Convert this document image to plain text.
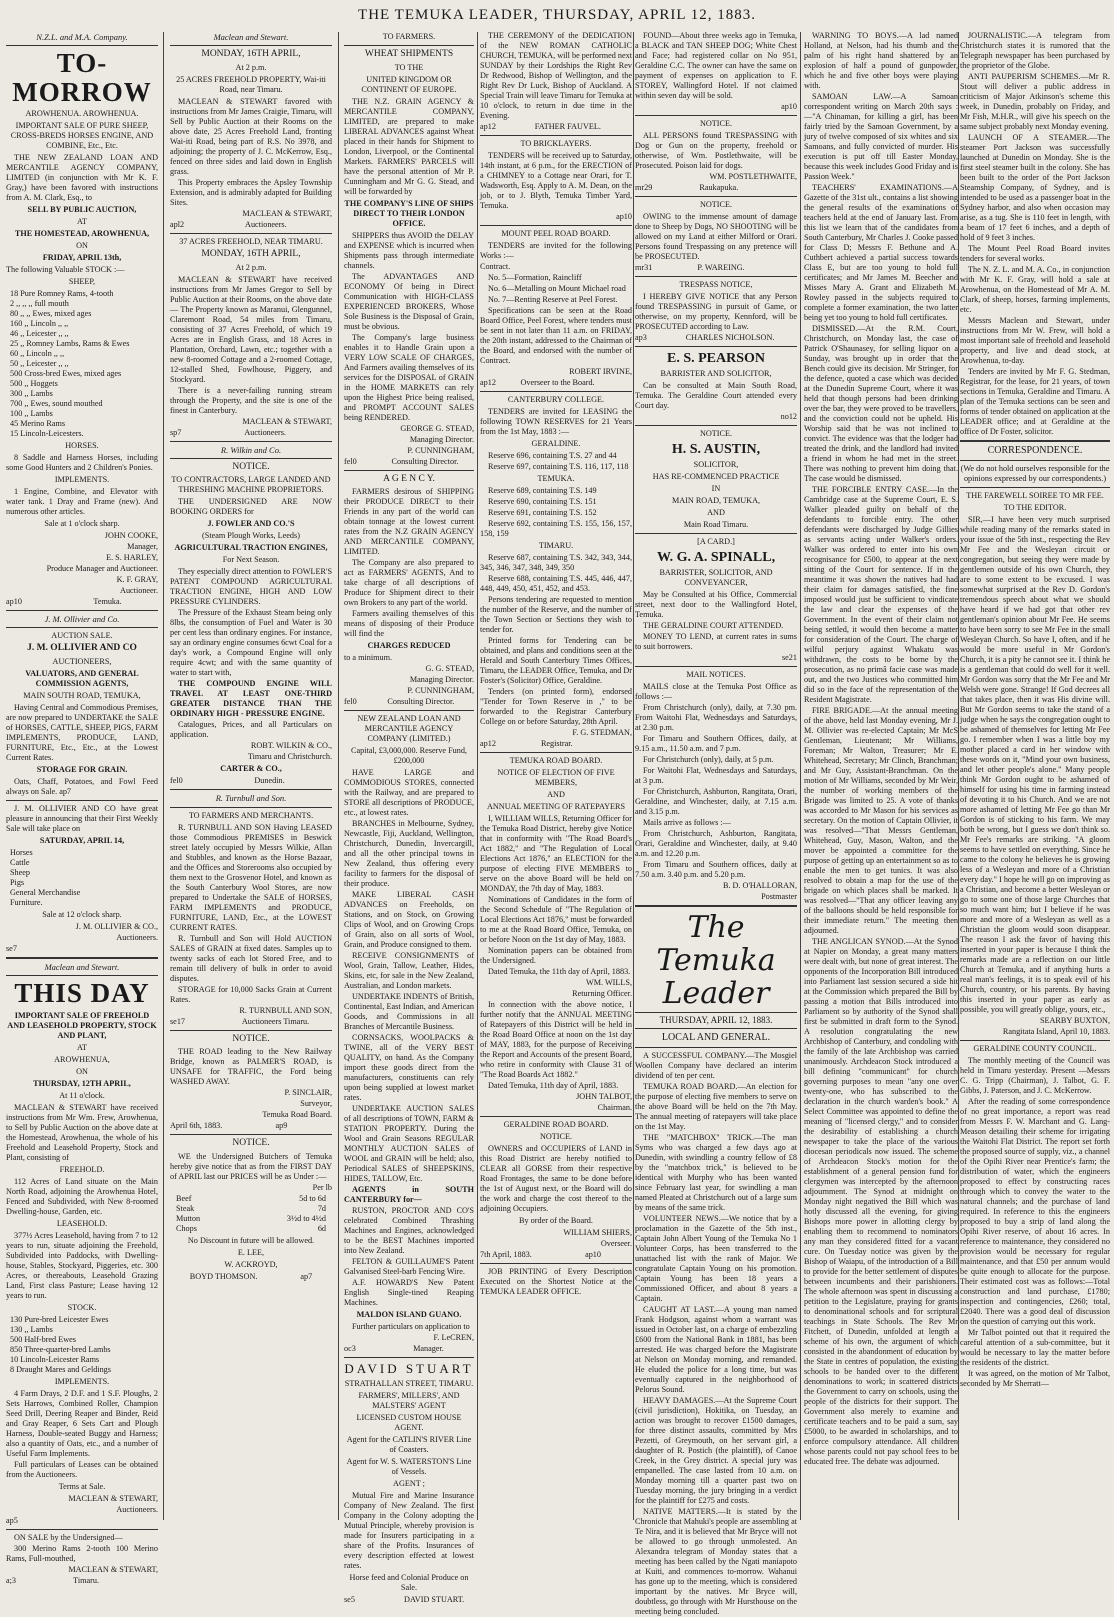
THE TEMUKA LEADER, THURSDAY, APRIL 12, 1883.
N.Z.L. and M.A. Company.
TO-MORROW
AROWHENUA. AROWHENUA.
IMPORTANT SALE OF PURE SHEEP, CROSS-BREDS HORSES ENGINE, AND COMBINE, Etc., Etc.
THE NEW ZEALAND LOAN AND MERCANTILE AGENCY COMPANY, LIMITED (in conjunction with Mr K. F. Gray,) have been favored with instructions from A. M. Clark, Esq., to
SELL BY PUBLIC AUCTION,
AT
THE HOMESTEAD, AROWHENUA,
ON
FRIDAY, APRIL 13th,
The following Valuable STOCK :—
SHEEP,
18 Pure Romney Rams, 4-tooth
2 ,, ,, ,, full mouth
80 ,, ,, Ewes, mixed ages
160 ,, Lincoln ,, ,,
46 ,, Leicester ,, ,,
25 ,, Romney Lambs, Rams & Ewes
60 ,, Lincoln ,, ,,
50 ,, Leicester ,, ,,
500 Cross-bred Ewes, mixed ages
500 ,, Hoggets
300 ,, Lambs
700 ,, Ewes, sound mouthed
100 ,, Lambs
45 Merino Rams
15 Lincoln-Leicesters.
HORSES.
8 Saddle and Harness Horses, including some Good Hunters and 2 Children's Ponies.
IMPLEMENTS.
1 Engine, Combine, and Elevator with water tank. 1 Dray and Frame (new). And numerous other articles.
Sale at 1 o'clock sharp.
JOHN COOKE,
Manager,
E. S. HARLEY,
Produce Manager and Auctioneer.
K. F. GRAY,
Auctioneer.
ap10                                   Temuka.
J. M. Ollivier and Co.
AUCTION SALE.
J. M. OLLIVIER AND CO
AUCTIONEERS,
VALUATORS, AND GENERAL COMMISSION AGENTS,
MAIN SOUTH ROAD, TEMUKA,
Having Central and Commodious Premises, are now prepared to UNDERTAKE the SALE of HORSES, CATTLE, SHEEP, PIGS, FARM IMPLEMENTS, PRODUCE, LAND, FURNITURE, Etc., Etc., at the Lowest Current Rates.
STORAGE FOR GRAIN.
Oats, Chaff, Potatoes, and Fowl Feed always on Sale. ap7
J. M. OLLIVIER AND CO have great pleasure in announcing that their First Weekly Sale will take place on
SATURDAY, APRIL 14,
Horses
Cattle
Sheep
Pigs
General Merchandise
Furniture.
Sale at 12 o'clock sharp.
J. M. OLLIVIER & CO.,
Auctioneers.
se7
Maclean and Stewart.
THIS DAY
IMPORTANT SALE OF FREEHOLD AND LEASEHOLD PROPERTY, STOCK AND PLANT,
AT
AROWHENUA,
ON
THURSDAY, 12TH APRIL,
At 11 o'clock.
MACLEAN & STEWART have received instructions from Mr Wm. Frew, Arowhenua, to Sell by Public Auction on the above date at the Homestead, Arowhenua, the whole of his Freehold and Leasehold Property, Stock and Plant, consisting of
FREEHOLD.
112 Acres of Land situate on the Main North Road, adjoining the Arowhenua Hotel, Fenced and Subdivided, with New 8-roomed Dwelling-house, Garden, etc.
LEASEHOLD.
377½ Acres Leasehold, having from 7 to 12 years to run, situate adjoining the Freehold, Subdivided into Paddocks, with Dwelling-house, Stables, Stockyard, Piggeries, etc. 300 Acres, or thereabouts, Leasehold Grazing Land, First class Pasture; Lease having 12 years to run.
STOCK.
130 Pure-bred Leicester Ewes
130 ,, Lambs
500 Half-bred Ewes
850 Three-quarter-bred Lambs
10 Lincoln-Leicester Rams
8 Draught Mares and Geldings
IMPLEMENTS.
4 Farm Drays, 2 D.F. and 1 S.F. Ploughs, 2 Sets Harrows, Combined Roller, Champion Seed Drill, Deering Reaper and Binder, Reid and Gray Reaper, 6 Sets Cart and Plough Harness, Double-seated Buggy and Harness; also a quantity of Oats, etc., and a number of Useful Farm Implements.
Full particulars of Leases can be obtained from the Auctioneers.
Terms at Sale.
MACLEAN & STEWART,
Auctioneers.
ap5
ON SALE by the Undersigned—
300 Merino Rams 2-tooth 100 Merino Rams, Full-mouthed,
MACLEAN & STEWART,
a;3                            Timaru.
Maclean and Stewart.
MONDAY, 16TH APRIL,
At 2 p.m.
25 ACRES FREEHOLD PROPERTY, Wai-iti Road, near Timaru.
MACLEAN & STEWART favored with instructions from Mr James Craigie, Timaru, will Sell by Public Auction at their Rooms on the above date, 25 Acres Freehold Land, fronting Wai-iti Road, being part of R.S. No 3978, and adjoining; the property of J. C. McKerrow, Esq., fenced on three sides and laid down in English grass.
This Property embraces the Apsley Township Extension, and is admirably adapted for Building Sites.
MACLEAN & STEWART,
apl2                              Auctioneers.
37 ACRES FREEHOLD, NEAR TIMARU.
MONDAY, 16TH APRIL,
At 2 p.m.
MACLEAN & STEWART have received instructions from Mr James Gregor to Sell by Public Auction at their Rooms, on the above date— The Property known as Maranui, Glengunnel, Claremont Road, 54 miles from Timaru, consisting of 37 Acres Freehold, of which 19 Acres are in English Grass, and 18 Acres in Plantation, Orchard, Lawn, etc.; together with a new 8-roomed Cottage and a 2-roomed Cottage, 12-stalled Shed, Fowlhouse, Piggery, and Stockyard.
There is a never-failing running stream through the Property, and the site is one of the finest in Canterbury.
MACLEAN & STEWART,
sp7                               Auctioneers.
R. Wilkin and Co.
NOTICE.
TO CONTRACTORS, LARGE LANDED AND THRESHING MACHINE PROPRIETORS.
THE UNDERSIGNED ARE NOW BOOKING ORDERS for
J. FOWLER AND CO.'S
(Steam Plough Works, Leeds)
AGRICULTURAL TRACTION ENGINES,
For Next Season.
They especially direct attention to FOWLER'S PATENT COMPOUND AGRICULTURAL TRACTION ENGINE, HIGH AND LOW PRESSURE CYLINDERS.
The Pressure of the Exhaust Steam being only 8lbs, the consumption of Fuel and Water is 30 per cent less than ordinary engines. For instance, say an ordinary engine consumes 6cwt Coal for a day's work, a Compound Engine will only require 4cwt; and with the same quantity of water to start with,
THE COMPOUND ENGINE WILL TRAVEL AT LEAST ONE-THIRD GREATER DISTANCE THAN THE ORDINARY HIGH - PRESSURE ENGINE.
Catalogues, Prices, and all Particulars on application.
ROBT. WILKIN & CO.,
Timaru and Christchurch.
CARTER & CO.,
fel0                                   Dunedin.
R. Turnbull and Son.
TO FARMERS AND MERCHANTS.
R. TURNBULL AND SON Having LEASED those Commodious PREMISES in Beswick street lately occupied by Messrs Wilkie, Allan and Stubbles, and known as the Horse Bazaar, and the Offices and Storerooms also occupied by them next to the Grosvenor Hotel, and known as the South Canterbury Wool Stores, are now prepared to Undertake the SALE of HORSES, FARM IMPLEMENTS and PRODUCE, FURNITURE, LAND, Etc., at the LOWEST CURRENT RATES.
R. Turnbull and Son will Hold AUCTION SALES of GRAIN at fixed dates. Samples up to twenty sacks of each lot Stored Free, and to remain till delivery of bulk in order to avoid disputes.
STORAGE for 10,000 Sacks Grain at Current Rates.
R. TURNBULL AND SON,
se17                            Auctioneers Timaru.
NOTICE.
THE ROAD leading to the New Railway Bridge, known as PALMER'S ROAD, is UNSAFE for TRAFFIC, the Ford being WASHED AWAY.
P. SINCLAIR,
Surveyor,
Temuka Road Board.
April 6th, 1883.                          ap9
NOTICE.
WE the Undersigned Butchers of Temuka hereby give notice that as from the FIRST DAY of APRIL last our PRICES will be as Under :—
Per lb
Beef	5d to 6d
Steak	7d
Mutton	3½d to 4½d
Chops	6d
No Discount in future will be allowed.
E. LEE,
W. ACKROYD,
BOYD THOMSON.                     ap7
TO FARMERS.
WHEAT SHIPMENTS
TO THE
UNITED KINGDOM OR CONTINENT OF EUROPE.
THE N.Z. GRAIN AGENCY & MERCANTILE COMPANY, LIMITED, are prepared to make LIBERAL ADVANCES against Wheat placed in their hands for Shipment to London, Liverpool, or the Continental Markets. FARMERS' PARCELS will have the personal attention of Mr P. Cunningham and Mr G. G. Stead, and will be forwarded by
THE COMPANY'S LINE OF SHIPS DIRECT TO THEIR LONDON OFFICE.
SHIPPERS thus AVOID the DELAY and EXPENSE which is incurred when Shipments pass through intermediate channels.
The ADVANTAGES AND ECONOMY Of being in Direct Communication with HIGH-CLASS EXPERIENCED BROKERS, Whose Sole Business is the Disposal of Grain, must be obvious.
The Company's large business enables it to Handle Grain upon a VERY LOW SCALE OF CHARGES, And Farmers availing themselves of its services for the DISPOSAL of GRAIN in the HOME MARKETS can rely upon the Highest Price being realised, and PROMPT ACCOUNT SALES being RENDERED.
GEORGE G. STEAD,
Managing Director.
P. CUNNINGHAM,
fel0                 Consulting Director.
A G E N C Y.
FARMERS desirous of SHIPPING their PRODUCE DIRECT to their Friends in any part of the world can obtain tonnage at the lowest current rates from the N.Z GRAIN AGENCY AND MERCANTILE COMPANY, LIMITED.
The Company are also prepared to act as FARMERS' AGENTS, And to take charge of all descriptions of Produce for Shipment direct to their own Brokers to any part of the world.
Farmers availing themselves of this means of disposing of their Produce will find the
CHARGES REDUCED
to a minimum.
G. G. STEAD,
Managing Director.
P. CUNNINGHAM,
fel0               Consulting Director.
NEW ZEALAND LOAN AND MERCANTILE AGENCY COMPANY (LIMITED.)
Capital, £3,000,000. Reserve Fund, £200,000
HAVE LARGE and COMMODIOUS STORES, connected with the Railway, and are prepared to STORE all descriptions of PRODUCE, etc., at lowest rates.
BRANCHES in Melbourne, Sydney, Newcastle, Fiji, Auckland, Wellington, Christchurch, Dunedin, Invercargill, and all the other principal towns in New Zealand, thus offering every facility to farmers for the disposal of their produce.
MAKE LIBERAL CASH ADVANCES on Freeholds, on Stations, and on Stock, on Growing Clips of Wool, and on Growing Crops of Grain, also on all sorts of Wool, Grain, and Produce consigned to them.
RECEIVE CONSIGNMENTS of Wool, Grain, Tallow, Leather, Hides, Skins, etc, for sale in the New Zealand, Australian, and London markets.
UNDERTAKE INDENTS of British, Continental, East Indian, and American Goods, and Commissions in all Branches of Mercantile Business.
CORNSACKS, WOOLPACKS & TWINE, all of the VERY BEST QUALITY, on hand. As the Company import these goods direct from the manufacturers, constituents can rely upon being supplied at lowest market rates.
UNDERTAKE AUCTION SALES of all descriptions of TOWN, FARM & STATION PROPERTY. During the Wool and Grain Seasons REGULAR MONTHLY AUCTION SALES of WOOL and GRAIN will be held; also, Periodical SALES of SHEEPSKINS, HIDES, TALLOW, Etc.
AGENTS in SOUTH CANTERBURY for—
RUSTON, PROCTOR AND CO'S celebrated Combined Thrashing Machines and Engines, acknowledged to be the BEST Machines imported into New Zealand.
FELTON & GUILLAUME'S Patent Galvanised Steel-barb Fencing Wire.
A.F. HOWARD'S New Patent English Single-tined Reaping Machines.
MALDON ISLAND GUANO.
Further particulars on application to
F. LeCREN,
oc3                            Manager.
DAVID STUART
STRATHALLAN STREET, TIMARU.
FARMERS', MILLERS', AND MALSTERS' AGENT
LICENSED CUSTOM HOUSE AGENT.
Agent for the CATLIN'S RIVER Line of Coasters.
Agent for W. S. WATERSTON'S Line of Vessels.
AGENT ;
Mutual Fire and Marine Insurance Company of New Zealand. The first Company in the Colony adopting the Mutual Principle, whereby provision is made for Insurers participating in a share of the Profits. Insurances of every description effected at lowest rates.
Horse feed and Colonial Produce on Sale.
se5                        DAVID STUART.
THE CEREMONY of the DEDICATION of the NEW ROMAN CATHOLIC CHURCH, TEMUKA, will be performed next SUNDAY by their Lordships the Right Rev Dr Redwood, Bishop of Wellington, and the Right Rev Dr Luck, Bishop of Auckland. A Special Train will leave Timaru for Temuka at 10 o'clock, to return in due time in the Evening.
ap12                   FATHER FAUVEL.
TO BRICKLAYERS.
TENDERS will be received up to Saturday, 14th instant, at 6 p.m., for the ERECTION of a CHIMNEY to a Cottage near Orari, for T. Wadsworth, Esq. Apply to A. M. Dean, on the job, or to J. Blyth, Temuka Timber Yard, Temuka.
ap10
MOUNT PEEL ROAD BOARD.
TENDERS are invited for the following Works :—
Contract.
No. 5—Formation, Raincliff
No. 6—Metalling on Mount Michael road
No. 7—Renting Reserve at Peel Forest.
Specifications can be seen at the Road Board Office, Peel Forest, where tenders must be sent in not later than 11 a.m. on FRIDAY, the 20th instant, addressed to the Chairman of the Board, and endorsed with the number of Contract.
ROBERT IRVINE,
ap12            Overseer to the Board.
CANTERBURY COLLEGE.
TENDERS are invited for LEASING the following TOWN RESERVES for 21 Years from the 1st May, 1883 :—
GERALDINE.
Reserve 696, containing T.S. 27 and 44
Reserve 697, containing T.S. 116, 117, 118
TEMUKA.
Reserve 689, containing T.S. 149
Reserve 690, containing T.S. 151
Reserve 691, containing T.S. 152
Reserve 692, containing T.S. 155, 156, 157, 158, 159
TIMARU.
Reserve 687, containing T.S. 342, 343, 344, 345, 346, 347, 348, 349, 350
Reserve 688, containing T.S. 445, 446, 447, 448, 449, 450, 451, 452, and 453.
Persons tendering are requested to mention the number of the Reserve, and the number of the Town Section or Sections they wish to tender for.
Printed forms for Tendering can be obtained, and plans and conditions seen at the Herald and South Canterbury Times Offices, Timaru, the LEADER Office, Temuka, and Dr Foster's (Solicitor) Office, Geraldine.
Tenders (on printed form), endorsed "Tender for Town Reserve in ," to be forwarded to the Registrar Canterbury College on or before Saturday, 28th April.
F. G. STEDMAN,
ap12                      Registrar.
TEMUKA ROAD BOARD.
NOTICE OF ELECTION OF FIVE MEMBERS,
AND
ANNUAL MEETING OF RATEPAYERS
I, WILLIAM WILLS, Returning Officer for the Temuka Road District, hereby give Notice that in conformity with "The Road Board's Act 1882," and "The Regulation of Local Elections Act 1876," an ELECTION for the purpose of electing FIVE MEMBERS to serve on the above Board will be held on MONDAY, the 7th day of May, 1883.
Nominations of Candidates in the form of the Second Schedule of "The Regulation of Local Elections Act 1876," must be forwarded to me at the Road Board Office, Temuka, on or before Noon on the 1st day of May, 1883.
Nomination papers can be obtained from the Undersigned.
Dated Temuka, the 11th day of April, 1883.
WM. WILLS,
Returning Officer.
In connection with the above notice, I further notify that the ANNUAL MEETING of Ratepayers of this District will be held in the Road Board Office at noon on the 1st day of MAY, 1883, for the purpose of Receiving the Report and Accounts of the present Board, who retire in conformity with Clause 31 of "The Road Boards Act 1882."
Dated Temuka, 11th day of April, 1883.
JOHN TALBOT,
Chairman.
GERALDINE ROAD BOARD.
NOTICE.
OWNERS and OCCUPIERS of LAND in this Road District are hereby notified to CLEAR all GORSE from their respective Road Frontages, the same to be done before the 1st of August next, or the Board will do the work and charge the cost thereof to the adjoining Occupiers.
By order of the Board.
WILLIAM SHIERS,
Overseer.
7th April, 1883.                          ap10
JOB PRINTING of Every Description Executed on the Shortest Notice at the TEMUKA LEADER OFFICE.
FOUND—About three weeks ago in Temuka, a BLACK and TAN SHEEP DOG; White Chest and Face; had registered collar on No 951, Geraldine C.C. The owner can have the same on payment of expenses on application to F. STOREY, Wallingford Hotel. If not claimed within seven day will be sold.
ap10
NOTICE.
ALL PERSONS found TRESPASSING with Dog or Gun on the property, freehold or otherwise, of Wm. Postlethwaite, will be Prosecuted. Poison laid for dogs.
WM. POSTLETHWAITE,
mr29                       Raukapuka.
NOTICE.
OWING to the immense amount of damage done to Sheep by Dogs, NO SHOOTING will be allowed on my Land at either Milford or Orari. Persons found Trespassing on any pretence will be PROSECUTED.
mr31                      P. WAREING.
TRESPASS NOTICE,
I HEREBY GIVE NOTICE that any Person found TRESPASSING in pursuit of Game, or otherwise, on my property, Kennford, will be PROSECUTED according to Law.
ap3                   CHARLES NICHOLSON.
E. S. PEARSON
BARRISTER AND SOLICITOR,
Can be consulted at Main South Road, Temuka. The Geraldine Court attended every Court day.
no12
NOTICE.
H. S. AUSTIN,
SOLICITOR,
HAS RE-COMMENCED PRACTICE
IN
MAIN ROAD, TEMUKA,
AND
Main Road Timaru.
[A CARD.]
W. G. A. SPINALL,
BARRISTER, SOLICITOR, AND CONVEYANCER,
May be Consulted at his Office, Commercial street, next door to the Wallingford Hotel, Temuka.
THE GERALDINE COURT ATTENDED.
MONEY TO LEND, at current rates in sums to suit borrowers.
se21
MAIL NOTICES.
MAILS close at the Temuka Post Office as follows :—
From Christchurch (only), daily, at 7.30 pm. From Waitohi Flat, Wednesdays and Saturdays, at 2.30 p.m.
For Timaru and Southern Offices, daily, at 9.15 a.m., 11.50 a.m. and 7 p.m.
For Christchurch (only), daily, at 5 p.m.
For Waitohi Flat, Wednesdays and Saturdays, at 3 p.m.
For Christchurch, Ashburton, Rangitata, Orari, Geraldine, and Winchester, daily, at 7.15 a.m. and 3.15 p.m.
Mails arrive as follows :—
From Christchurch, Ashburton, Rangitata, Orari, Geraldine and Winchester, daily, at 9.40 a.m. and 12.20 p.m.
From Timaru and Southern offices, daily at 7.50 a.m. 3.40 p.m. and 5.20 p.m.
B. D. O'HALLORAN,
Postmaster
The Temuka Leader
THURSDAY, APRIL 12, 1883.
LOCAL AND GENERAL.
A SUCCESSFUL COMPANY.—The Mosgiel Woollen Company have declared an interim dividend of ten per cent.
TEMUKA ROAD BOARD.—An election for the purpose of electing five members to serve on the above Board will be held on the 7th May. The annual meeting of ratepayers will take place on the 1st May.
THE "MATCHBOX" TRICK.—The man Syms who was charged a few days ago at Dunedin, with swindling a country fellow of £8 by the "matchbox trick," is believed to be identical with Murphy who has been wanted since February last year, for swindling a man named Pleated at Christchurch out of a large sum by means of the same trick.
VOLUNTEER NEWS.—We notice that by a proclamation in the Gazette of the 5th inst., Captain John Albert Young of the Temuka No 1 Volunteer Corps, has been transferred to the unattached list with the rank of Major. We congratulate Captain Young on his promotion. Captain Young has been 18 years a Commissioned Officer, and about 8 years a Captain.
CAUGHT AT LAST.—A young man named Frank Hodgson, against whom a warrant was issued in October last, on a charge of embezzling £600 from the National Bank in 1881, has been arrested. He was charged before the Magistrate at Nelson on Monday morning, and remanded. He eluded the police for a long time, but was eventually captured in the neighborhood of Pelorus Sound.
HEAVY DAMAGES.—At the Supreme Court (civil jurisdiction), Hokitika, on Tuesday, an action was brought to recover £1500 damages, for three distinct assaults, committed by Mrs Pezetti, of Greymouth, on her servant girl, a daughter of R. Postich (the plaintiff), of Canoe Creek, in the Grey district. A special jury was empanelled. The case lasted from 10 a.m. on Monday morning till a quarter past two on Tuesday morning, the jury bringing in a verdict for the plaintiff for £275 and costs.
NATIVE MATTERS.—It is stated by the Chronicle that Mahuki's people are assembling at Te Nira, and it is believed that Mr Bryce will not be allowed to go through unmolested. An Alexandra telegram of Monday states that a meeting has been called by the Ngati maniapoto at Kuiti, and commences to-morrow. Wahanui has gone up to the meeting, which is considered important by the natives. Mr Bryce will, doubtless, go through with Mr Hursthouse on the meeting being concluded.
WARNING TO BOYS.—A lad named Holland, at Nelson, had his thumb and the palm of his right hand shattered by an explosion of half a pound of gunpowder, which he and five other boys were playing with.
SAMOAN LAW.—A Samoan correspondent writing on March 20th says :—"A Chinaman, for killing a girl, has been fairly tried by the Samoan Government, by a jury of twelve composed of six whites and six Samoans, and fully convicted of murder. His execution is put off till Easter Monday, because this week includes Good Friday and is Passion Week."
TEACHERS' EXAMINATIONS.—A Gazette of the 31st ult., contains a list showing the general results of the examinations of teachers held at the end of January last. From this list we learn that of the candidates from South Canterbury, Mr Charles J. Cooke passed for Class D; Messrs F. Bethune and A. Cuthbert achieved a partial success towards Class E, but are too young to hold full certificates; and Mr James M. Beecher and Misses Mary A. Grant and Elizabeth M. Rowley passed in the subjects required to complete a former examination, the two latter being yet too young to hold full certificates.
DISMISSED.—At the R.M. Court, Christchurch, on Monday last, the case of Patrick O'Shaunasey, for selling liquor on a Sunday, was brought up in order that the Bench could give its decision. Mr Stringer, for the defence, quoted a case which was decided at the Dunedin Supreme Court, where it was held that though persons had been drinking over the bar, they were proved to be travellers, and the conviction could not be upheld. His Worship said that he was not inclined to convict. The evidence was that the lodger had treated the drink, and the landlord had invited a friend in whom he had met in the street. There was nothing to prevent him doing that. The case would be dismissed.
THE FORCIBLE ENTRY CASE.—In the Cambridge case at the Supreme Court, E. S. Walker pleaded guilty on behalf of the defendants to forcible entry. The other defendants were discharged by Judge Gillies as servants acting under Walker's orders. Walker was ordered to enter into his own recognisance for £500, to appear at the next sitting of the Court for sentence. If in the meantime it was shown the natives had had their claim for damages satisfied, the fine imposed would just be sufficient to vindicate the law and clear the expenses of the Government. In the event of their claim not being settled, it would then become a matter for consideration of the Court. The charge of wilful perjury against Whakatu was withdrawn, the costs to be borne by the prosecution, as no primâ facie case was made out, and the two Justices who committed him did so in the face of the representation of the Resident Magistrate.
FIRE BRIGADE.—At the annual meeting of the above, held last Monday evening, Mr J. M. Ollivier was re-elected Captain; Mr McS Gentleman, Lieutenant; Mr Williams, Foreman; Mr Walton, Treasurer; Mr E. Whitehead, Secretary; Mr Clinch, Branchman; and Mr Guy, Assistant-Branchman. On the motion of Mr Williams, seconded by Mr Weir, the number of working members of the Brigade was limited to 25. A vote of thanks was accorded to Mr Mason for his services as secretary. On the motion of Captain Ollivier, it was resolved—"That Messrs Gentleman, Whitehead, Guy, Mason, Walton, and the mover be appointed a committee for the purpose of getting up an entertainment so as to enable the men to get tunics. It was also resolved to obtain a map for the use of the brigade on which places shall be marked. It was resolved—"That any officer leaving any of the balloons should be held responsible for their immediate return." The meeting then adjourned.
THE ANGLICAN SYNOD.—At the Synod at Napier on Monday, a great many matters were dealt with, but none of great interest. The opponents of the Incorporation Bill introduced into Parliament last session secured a side hit at the Commission which prepared the Bill by passing a motion that Bills introduced into Parliament so by authority of the Synod shall first be submitted in draft form to the Synod. A resolution congratulating the new Archbishop of Canterbury, and condoling with the family of the late Archbishop was carried unanimously. Archdeacon Stock introduced a bill defining "communicant" for church governing purposes to mean "any one over twenty-one, who has subscribed to the declaration in the church warden's book." A Select Committee was appointed to define the meaning of "licensed clergy," and to consider the desirability of establishing a church newspaper to take the place of the various diocesan periodicals now issued. The scheme of Archdeacon Stock's motion for the establishment of a general pension fund for clergymen was intercepted by the afternoon adjournment. The Synod at midnight on Monday night negatived the Bill which was hotly discussed all the evening, for giving Bishops more power in allotting clergy by enabling them to recommend to nominators any man they considered fitted for a vacant cure. On Tuesday notice was given by the Bishop of Waiapu, of the introduction of a Bill to provide for the better settlement of disputes between incumbents and their parishioners. The whole afternoon was spent in discussing a petition to the Legislature, praying for grants to denominational schools and for scriptural teachings in State Schools. The Rev Mr Fitchett, of Dunedin, unfolded at length a scheme of his own, the argument of which consisted in the abandonment of education by the State in centres of population, the existing schools to be handed over to the different denominations to work; in scattered districts the Government to carry on schools, using the people of the districts for their support. The Government also merely to examine and certificate teachers and to be paid a sum, say £5000, to be awarded in scholarships, and to enforce compulsory attendance. All children whose parents could not pay school fees to be educated free. The debate was adjourned.
JOURNALISTIC.—A telegram from Christchurch states it is rumored that the Telegraph newspaper has been purchased by the proprietor of the Globe.
ANTI PAUPERISM SCHEMES.—Mr R. Stout will deliver a public address in criticism of Major Atkinson's scheme this week, in Dunedin, probably on Friday, and Mr Fish, M.H.R., will give his speech on the same subject probably next Monday evening.
LAUNCH OF A STEAMER.—The steamer Port Jackson was successfully launched at Dunedin on Monday. She is the first steel steamer built in the colony. She has been built to the order of the Port Jackson Steamship Company, of Sydney, and is intended to be used as a passenger boat in the Sydney harbor, and also when occasion may arise, as a tug. She is 110 feet in length, with a beam of 17 feet 6 inches, and a depth of hold of 9 feet 3 inches.
The Mount Peel Road Board invites tenders for several works.
The N. Z. L. and M. A. Co., in conjunction with Mr K. F. Gray, will hold a sale at Arowhenua, on the Homestead of Mr A. M. Clark, of sheep, horses, farming implements, etc.
Messrs Maclean and Stewart, under instructions from Mr W. Frew, will hold a most important sale of freehold and leasehold property, and live and dead stock, at Arowhenua, to-day.
Tenders are invited by Mr F. G. Stedman, Registrar, for the lease, for 21 years, of town sections in Temuka, Geraldine and Timaru. A plan of the Temuka sections can be seen and forms of tender obtained on application at the LEADER office; and at Geraldine at the office of Dr Foster, solicitor.
CORRESPONDENCE.
(We do not hold ourselves responsible for the opinions expressed by our correspondents.)
THE FAREWELL SOIREE TO MR FEE.
TO THE EDITOR.
SIR,—I have been very much surprised while reading many of the remarks stated in your issue of the 5th inst., respecting the Rev Mr Fee and the Wesleyan circuit or congregation, but seeing they were made by gentlemen outside of his own Church, they are to some extent to be excused. I was somewhat surprised at the Rev D. Gordon's tremendous speech about what we should have heard if we had got that other rev gentleman's opinion about Mr Fee. He seems to have been sorry to see Mr Fee in the small Wesleyan Church. So have I, often, and if he would be more useful in Mr Gordon's Church, it is a pity he cannot see it. I think he is a gentleman that could do well for it well. Mr Gordon was sorry that the Mr Fee and Mr Welsh were gone. Strange! If God decrees all that takes place, then it was His divine will. But Mr Gordon seems to take the stand of a judge when he says the congregation ought to be ashamed of themselves for letting Mr Fee go. I remember when I was a little boy my mother placed a card in her window with these words on it, "Mind your own business, and let other people's alone." Many people think Mr Gordon ought to be ashamed of himself for using his time in farming instead of devoting it to his Church. And we are not more ashamed of letting Mr Fee go than Mr Gordon is of sticking to his farm. We may both be wrong, but I guess we don't think so. Mr Fee's remarks are striking. "A gloom seems to have settled on everything. Since he came to the colony he believes he is growing less of a Wesleyan and more of a Christian every day." I hope he will go on improving as a Christian, and become a better Wesleyan or go to some one of those large Churches that so much want him; but I believe if he was more and more of a Wesleyan as well as a Christian the gloom would soon disappear. The reason I ask the favor of having this inserted in your paper is because I think the remarks made are a reflection on our little Church at Temuka, and if anything hurts a real man's feelings, it is to speak evil of his Church, country, or his parents. By having this inserted in your paper as early as possible, you will greatly oblige, yours, etc.,
SEARBY BUXTON,
Rangitata Island, April 10, 1883.
GERALDINE COUNTY COUNCIL.
The monthly meeting of the Council was held in Timaru yesterday. Present —Messrs C. G. Tripp (Chairman), J. Talbot, G. F. Gibbs, J. Paterson, and J. C. McKerrow.
After the reading of some correspondence of no great importance, a report was read from Messrs F. W. Marchant and G. Lang-Meason detailing their scheme for irrigating the Waitohi Flat District. The report set forth the proposed source of supply, viz., a channel of the Opihi River near Prentice's farm; the distribution of water, which the engineers proposed to effect by constructing races through which to convey the water to the natural channels; and the purchase of land required. In reference to this the engineers proposed to buy a strip of land along the Opihi River reserve, of about 16 acres. In reference to maintenance, they considered no provision would be necessary for regular maintenance, and that £50 per annum would be quite enough to allocate for the purpose. Their estimated cost was as follows:—Total construction and land purchase, £1780; inspection and contingencies, £260; total, £2040. There was a good deal of discussion on the question of carrying out this work.
Mr Talbot pointed out that it required the careful attention of a sub-committee, but it would be necessary to lay the matter before the residents of the district.
It was agreed, on the motion of Mr Talbot, seconded by Mr Sherratt—
